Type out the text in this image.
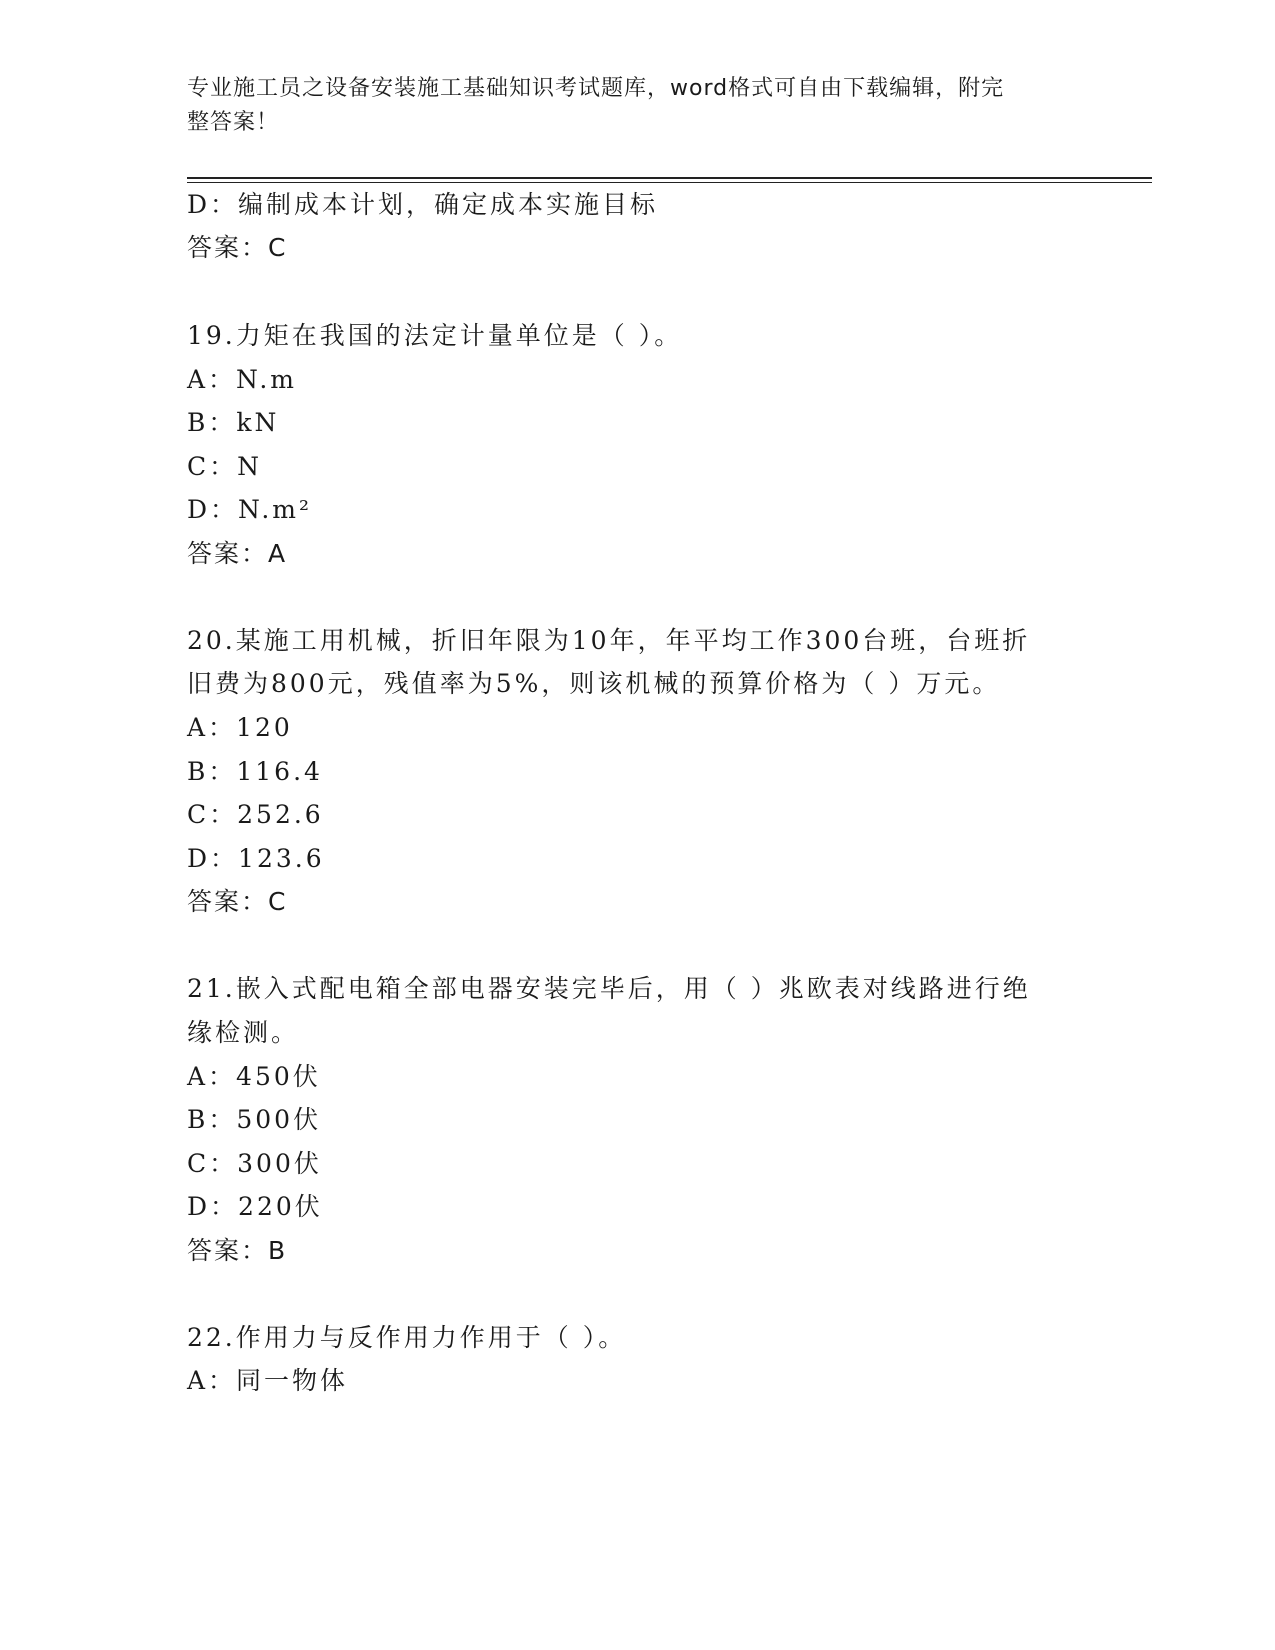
专业施工员之设备安装施工基础知识考试题库，word格式可自由下载编辑，附完
整答案！
D：编制成本计划，确定成本实施目标
答案：C
19.力矩在我国的法定计量单位是（ ）。
A：N.m
B：kN
C：N
D：N.m²
答案：A
20.某施工用机械，折旧年限为10年，年平均工作300台班，台班折
旧费为800元，残值率为5%，则该机械的预算价格为（ ）万元。
A：120
B：116.4
C：252.6
D：123.6
答案：C
21.嵌入式配电箱全部电器安装完毕后，用（ ）兆欧表对线路进行绝
缘检测。
A：450伏
B：500伏
C：300伏
D：220伏
答案：B
22.作用力与反作用力作用于（ ）。
A：同一物体
